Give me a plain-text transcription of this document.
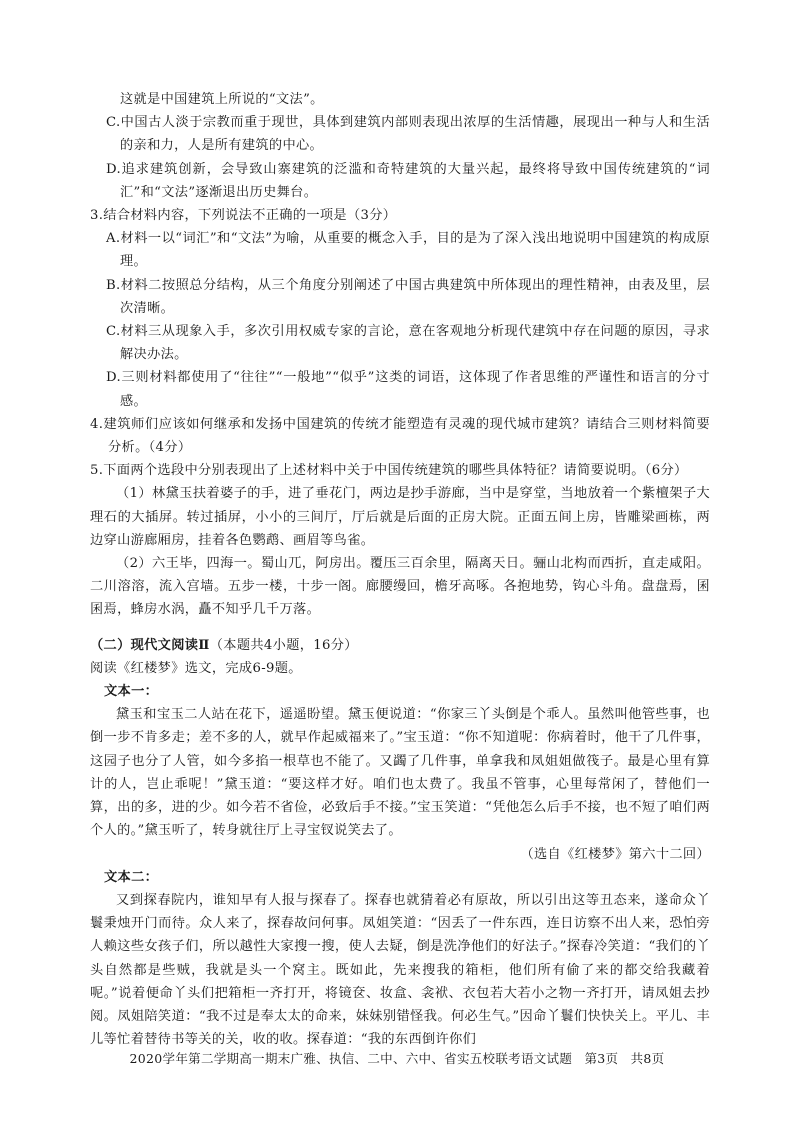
这就是中国建筑上所说的“文法”。

C.中国古人淡于宗教而重于现世，具体到建筑内部则表现出浓厚的生活情趣，展现出一种与人和生活的亲和力，人是所有建筑的中心。

D.追求建筑创新，会导致山寨建筑的泛滥和奇特建筑的大量兴起，最终将导致中国传统建筑的“词汇”和“文法”逐渐退出历史舞台。

3.结合材料内容，下列说法不正确的一项是（3分）

A.材料一以“词汇”和“文法”为喻，从重要的概念入手，目的是为了深入浅出地说明中国建筑的构成原理。

B.材料二按照总分结构，从三个角度分别阐述了中国古典建筑中所体现出的理性精神，由表及里，层次清晰。

C.材料三从现象入手，多次引用权威专家的言论，意在客观地分析现代建筑中存在问题的原因，寻求解决办法。

D.三则材料都使用了“往往”“一般地”“似乎”这类的词语，这体现了作者思维的严谨性和语言的分寸感。

4.建筑师们应该如何继承和发扬中国建筑的传统才能塑造有灵魂的现代城市建筑？请结合三则材料简要分析。（4分）

5.下面两个选段中分别表现出了上述材料中关于中国传统建筑的哪些具体特征？请简要说明。（6分）

（1）林黛玉扶着婆子的手，进了垂花门，两边是抄手游廊，当中是穿堂，当地放着一个紫檀架子大理石的大插屏。转过插屏，小小的三间厅，厅后就是后面的正房大院。正面五间上房，皆雕梁画栋，两边穿山游廊厢房，挂着各色鹦鹉、画眉等鸟雀。

（2）六王毕，四海一。蜀山兀，阿房出。覆压三百余里，隔离天日。骊山北构而西折，直走咸阳。二川溶溶，流入宫墙。五步一楼，十步一阁。廊腰缦回，檐牙高啄。各抱地势，钩心斗角。盘盘焉，囷囷焉，蜂房水涡，矗不知乎几千万落。

（二）现代文阅读Ⅱ（本题共4小题，16分）

阅读《红楼梦》选文，完成6-9题。

文本一：

黛玉和宝玉二人站在花下，遥遥盼望。黛玉便说道：“你家三丫头倒是个乖人。虽然叫他管些事，也倒一步不肯多走；差不多的人，就早作起威福来了。”宝玉道：“你不知道呢：你病着时，他干了几件事，这园子也分了人管，如今多掐一根草也不能了。又蠲了几件事，单拿我和凤姐姐做筏子。最是心里有算计的人，岂止乖呢！”黛玉道：“要这样才好。咱们也太费了。我虽不管事，心里每常闲了，替他们一算，出的多，进的少。如今若不省俭，必致后手不接。”宝玉笑道：“凭他怎么后手不接，也不短了咱们两个人的。”黛玉听了，转身就往厅上寻宝钗说笑去了。

（选自《红楼梦》第六十二回）

文本二：

又到探春院内，谁知早有人报与探春了。探春也就猜着必有原故，所以引出这等丑态来，遂命众丫鬟秉烛开门而待。众人来了，探春故问何事。凤姐笑道：“因丢了一件东西，连日访察不出人来，恐怕旁人赖这些女孩子们，所以越性大家搜一搜，使人去疑，倒是洗净他们的好法子。”探春冷笑道：“我们的丫头自然都是些贼，我就是头一个窝主。既如此，先来搜我的箱柜，他们所有偷了来的都交给我藏着呢。”说着便命丫头们把箱柜一齐打开，将镜奁、妆盒、衾袱、衣包若大若小之物一齐打开，请凤姐去抄阅。凤姐陪笑道：“我不过是奉太太的命来，妹妹别错怪我。何必生气。”因命丫鬟们快快关上。平儿、丰儿等忙着替待书等关的关，收的收。探春道：“我的东西倒许你们

2020学年第二学期高一期末广雅、执信、二中、六中、省实五校联考语文试题 第3页 共8页
